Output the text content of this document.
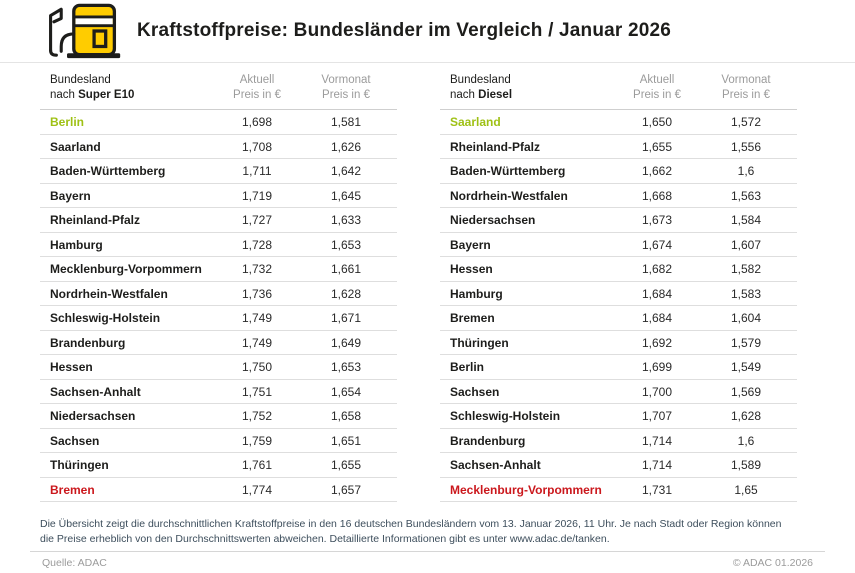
Kraftstoffpreise: Bundesländer im Vergleich / Januar 2026
Bundesland
nach Super E10
Aktuell
Preis in €
Vormonat
Preis in €
Berlin	1,698	1,581
Saarland	1,708	1,626
Baden-Württemberg	1,711	1,642
Bayern	1,719	1,645
Rheinland-Pfalz	1,727	1,633
Hamburg	1,728	1,653
Mecklenburg-Vorpommern	1,732	1,661
Nordrhein-Westfalen	1,736	1,628
Schleswig-Holstein	1,749	1,671
Brandenburg	1,749	1,649
Hessen	1,750	1,653
Sachsen-Anhalt	1,751	1,654
Niedersachsen	1,752	1,658
Sachsen	1,759	1,651
Thüringen	1,761	1,655
Bremen	1,774	1,657
Bundesland
nach Diesel
Aktuell
Preis in €
Vormonat
Preis in €
Saarland	1,650	1,572
Rheinland-Pfalz	1,655	1,556
Baden-Württemberg	1,662	1,6
Nordrhein-Westfalen	1,668	1,563
Niedersachsen	1,673	1,584
Bayern	1,674	1,607
Hessen	1,682	1,582
Hamburg	1,684	1,583
Bremen	1,684	1,604
Thüringen	1,692	1,579
Berlin	1,699	1,549
Sachsen	1,700	1,569
Schleswig-Holstein	1,707	1,628
Brandenburg	1,714	1,6
Sachsen-Anhalt	1,714	1,589
Mecklenburg-Vorpommern	1,731	1,65
Die Übersicht zeigt die durchschnittlichen Kraftstoffpreise in den 16 deutschen Bundesländern vom 13. Januar 2026, 11 Uhr. Je nach Stadt oder Region können die Preise erheblich von den Durchschnittswerten abweichen. Detaillierte Informationen gibt es unter www.adac.de/tanken.
Quelle: ADAC	© ADAC 01.2026
